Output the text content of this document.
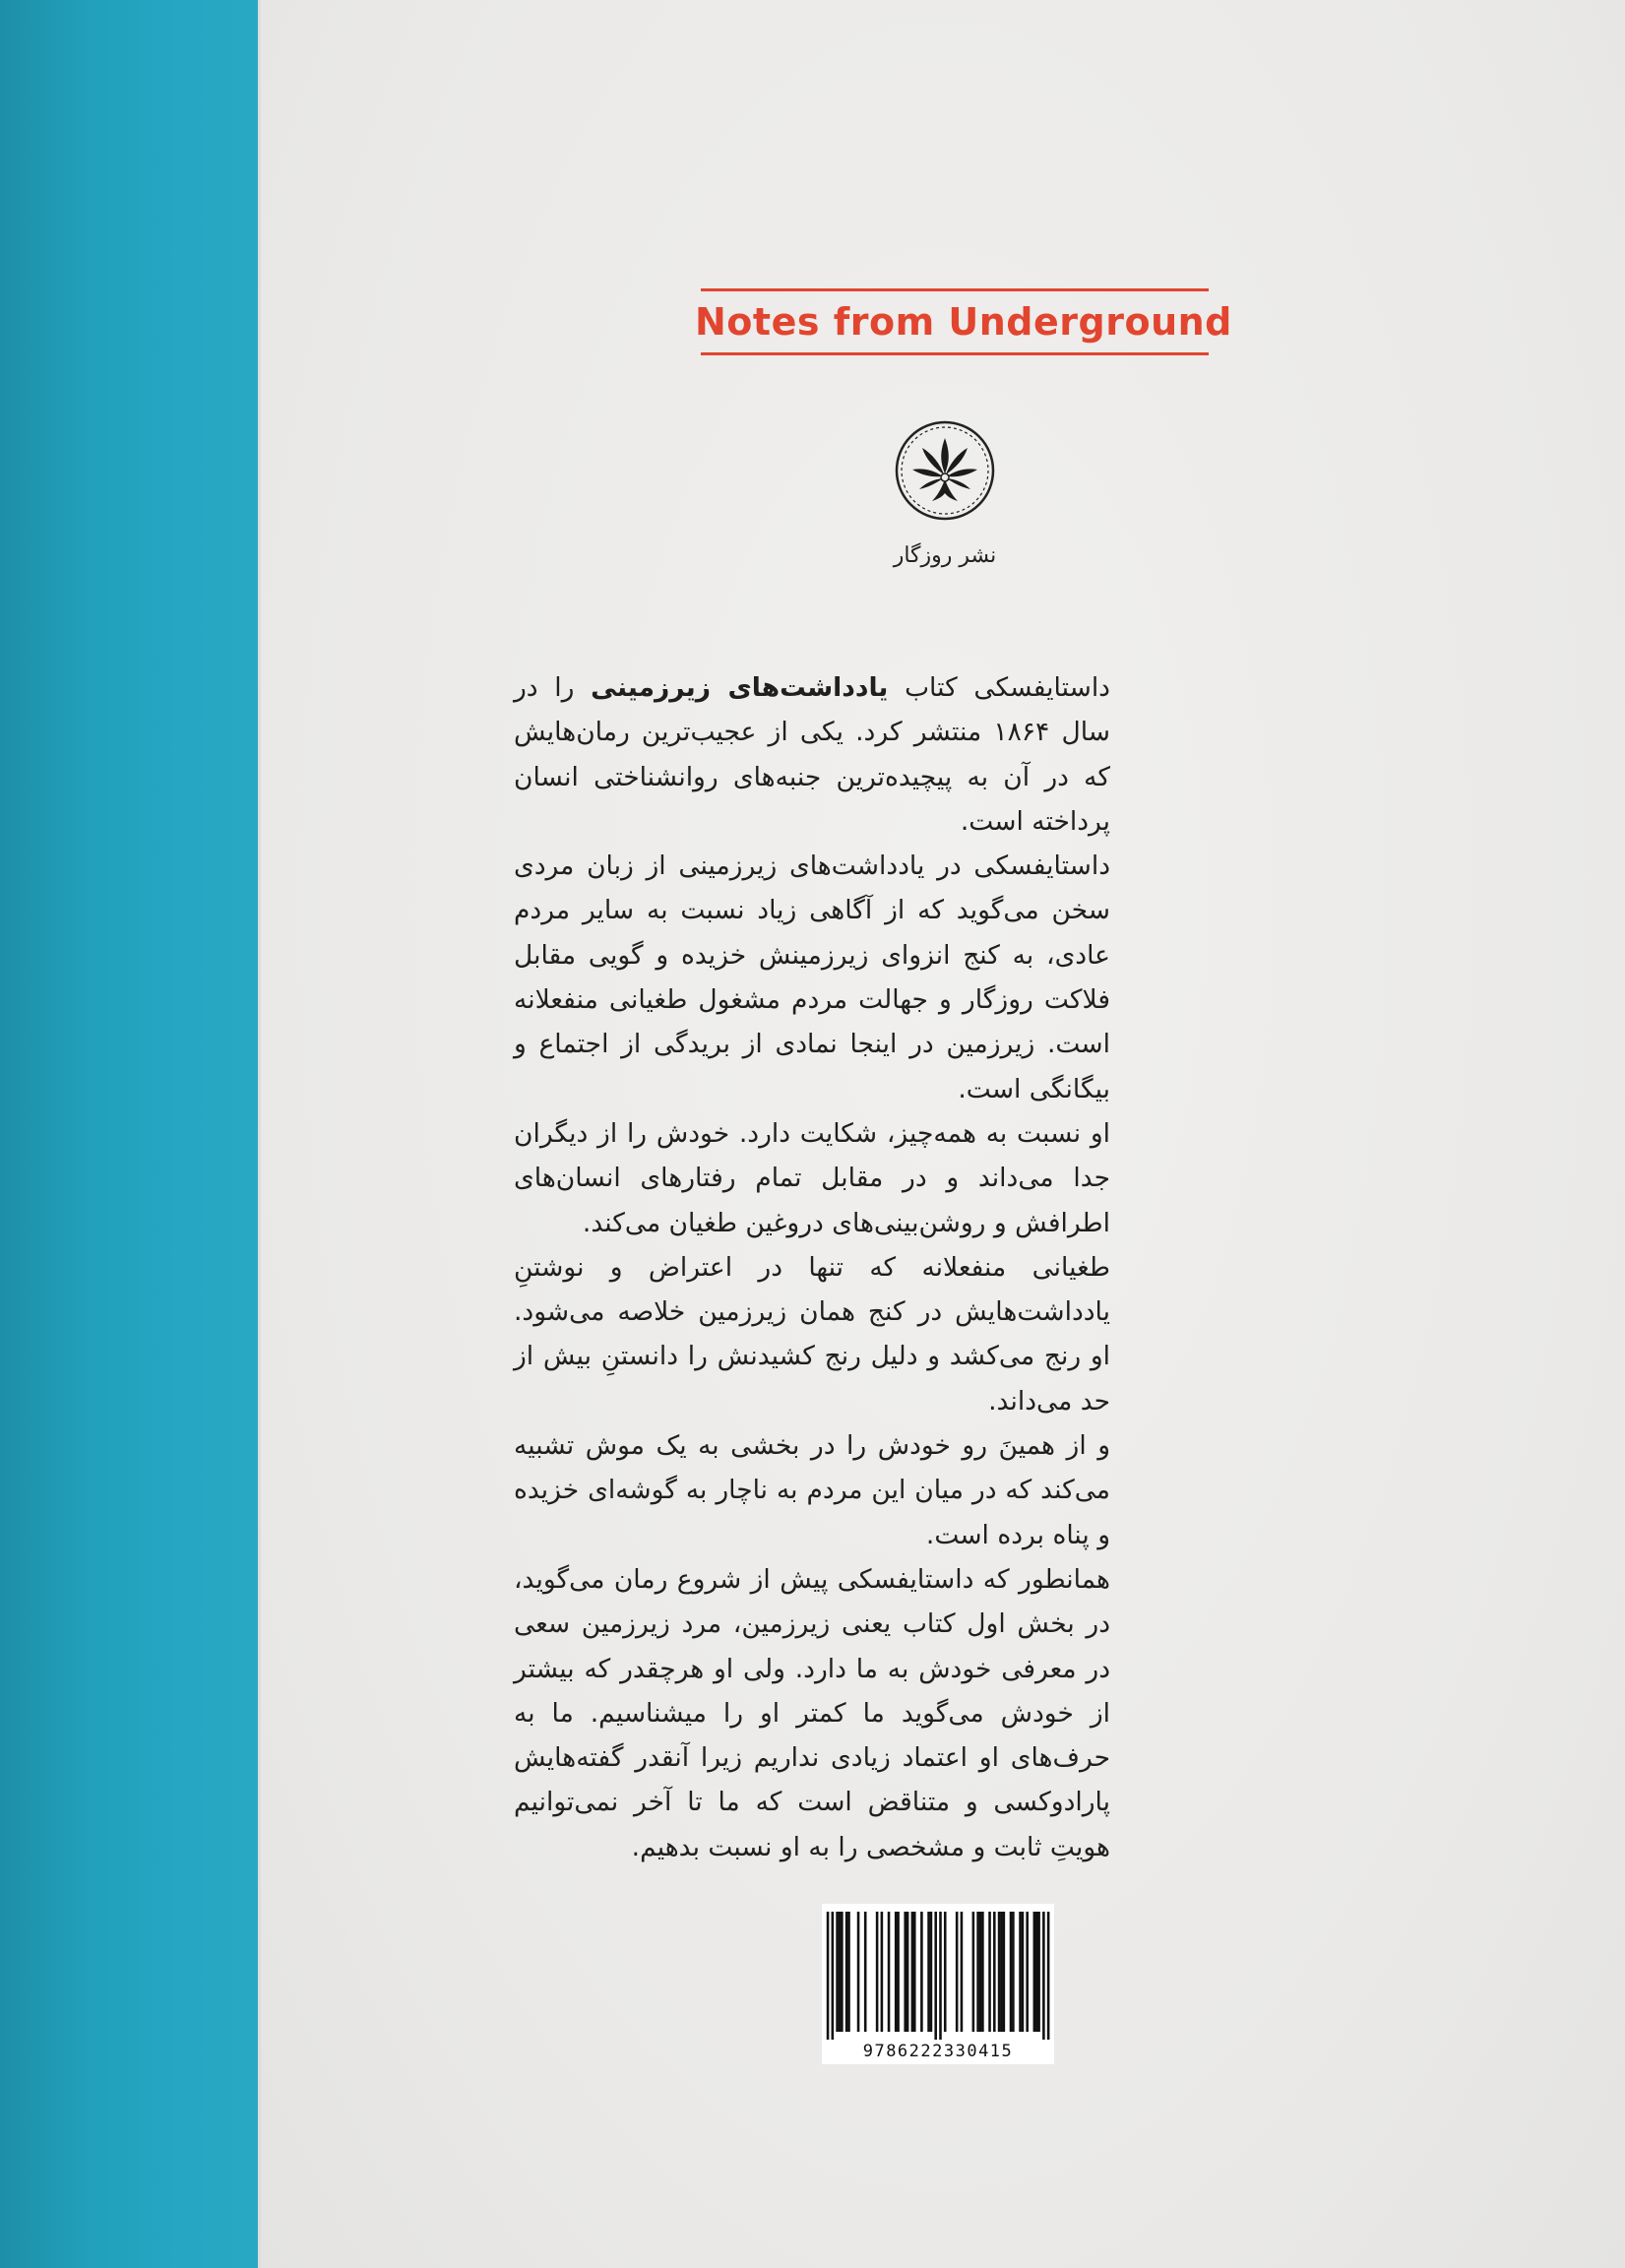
Notes from Underground
نشر روزگار

داستایفسکی کتاب یادداشت‌های زیرزمینی را در سال ۱۸۶۴ منتشر کرد. یکی از عجیب‌ترین رمان‌هایش که در آن به پیچیده‌ترین جنبه‌های روانشناختی انسان پرداخته است.

داستایفسکی در یادداشت‌های زیرزمینی از زبان مردی سخن می‌گوید که از آگاهی زیاد نسبت به سایر مردم عادی، به کنج انزوای زیرزمینش خزیده و گویی مقابل فلاکت روزگار و جهالت مردم مشغول طغیانی منفعلانه است. زیرزمین در اینجا نمادی از بریدگی از اجتماع و بیگانگی است.

او نسبت به همه‌چیز، شکایت دارد. خودش را از دیگران جدا می‌داند و در مقابل تمام رفتارهای انسان‌های اطرافش و روشن‌بینی‌های دروغین طغیان می‌کند.

طغیانی منفعلانه که تنها در اعتراض و نوشتنِ یادداشت‌هایش در کنج همان زیرزمین خلاصه می‌شود. او رنج می‌کشد و دلیل رنج کشیدنش را دانستنِ بیش از حد می‌داند.

و از همینَ رو خودش را در بخشی به یک موش تشبیه می‌کند که در میان این مردم به ناچار به گوشه‌ای خزیده و پناه برده است.

همانطور که داستایفسکی پیش از شروع رمان می‌گوید، در بخش اول کتاب یعنی زیرزمین، مرد زیرزمین سعی در معرفی خودش به ما دارد. ولی او هرچقدر که بیشتر از خودش می‌گوید ما کمتر او را میشناسیم. ما به حرف‌های او اعتماد زیادی نداریم زیرا آنقدر گفته‌هایش پارادوکسی و متناقض است که ما تا آخر نمی‌توانیم هویتِ ثابت و مشخصی را به او نسبت بدهیم.

9786222330415
